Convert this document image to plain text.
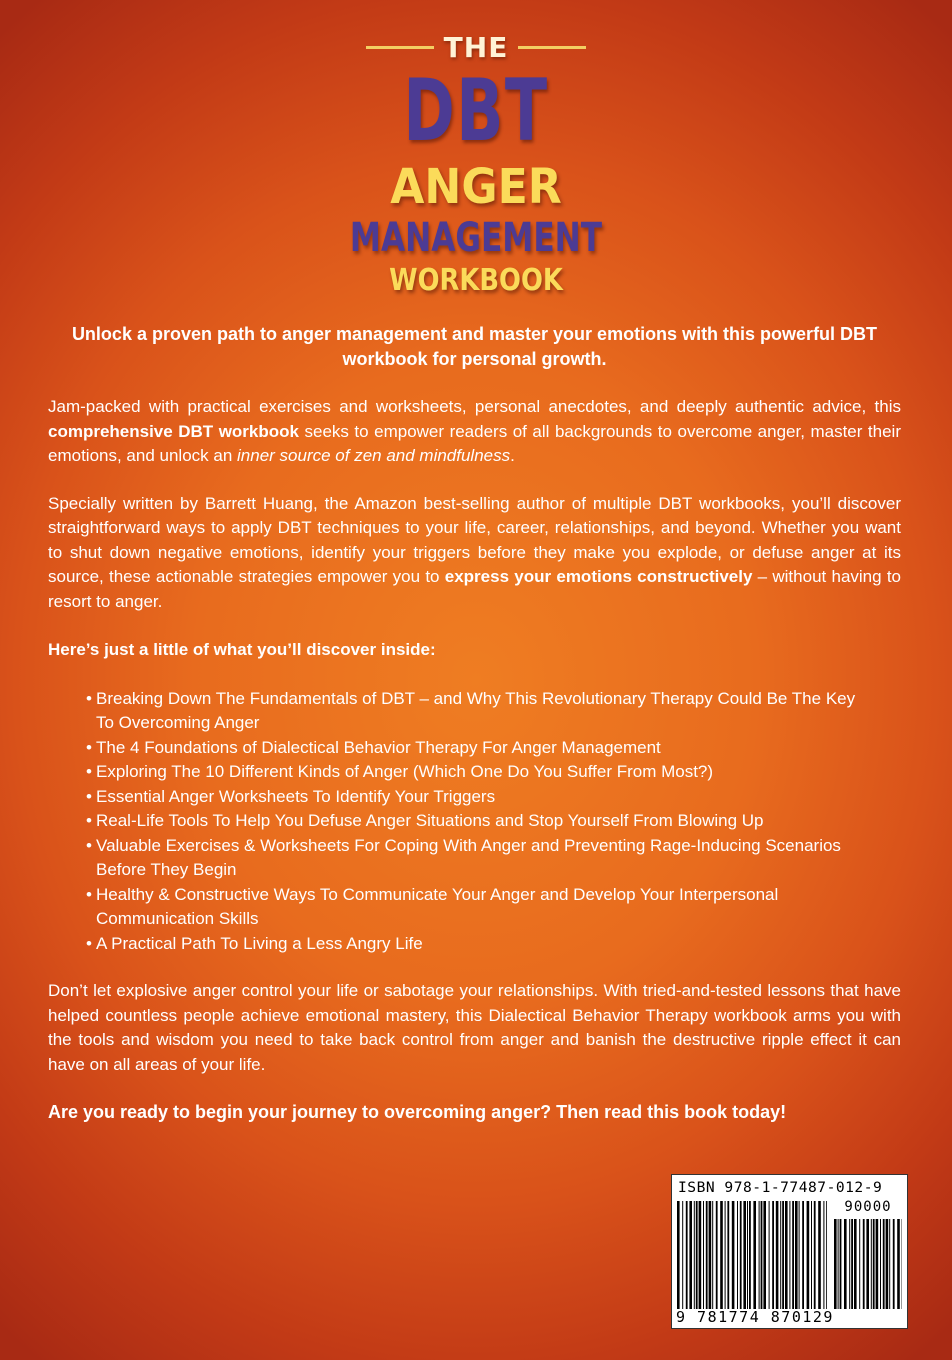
THE
DBT
ANGER
MANAGEMENT
WORKBOOK

Unlock a proven path to anger management and master your emotions with this powerful DBT workbook for personal growth.

Jam-packed with practical exercises and worksheets, personal anecdotes, and deeply authentic advice, this comprehensive DBT workbook seeks to empower readers of all backgrounds to overcome anger, master their emotions, and unlock an inner source of zen and mindfulness.

Specially written by Barrett Huang, the Amazon best-selling author of multiple DBT workbooks, you’ll discover straightforward ways to apply DBT techniques to your life, career, relationships, and beyond. Whether you want to shut down negative emotions, identify your triggers before they make you explode, or defuse anger at its source, these actionable strategies empower you to express your emotions constructively – without having to resort to anger.

Here’s just a little of what you’ll discover inside:

• Breaking Down The Fundamentals of DBT – and Why This Revolutionary Therapy Could Be The Key To Overcoming Anger
• The 4 Foundations of Dialectical Behavior Therapy For Anger Management
• Exploring The 10 Different Kinds of Anger (Which One Do You Suffer From Most?)
• Essential Anger Worksheets To Identify Your Triggers
• Real-Life Tools To Help You Defuse Anger Situations and Stop Yourself From Blowing Up
• Valuable Exercises & Worksheets For Coping With Anger and Preventing Rage-Inducing Scenarios Before They Begin
• Healthy & Constructive Ways To Communicate Your Anger and Develop Your Interpersonal Communication Skills
• A Practical Path To Living a Less Angry Life

Don’t let explosive anger control your life or sabotage your relationships. With tried-and-tested lessons that have helped countless people achieve emotional mastery, this Dialectical Behavior Therapy workbook arms you with the tools and wisdom you need to take back control from anger and banish the destructive ripple effect it can have on all areas of your life.

Are you ready to begin your journey to overcoming anger? Then read this book today!

ISBN 978-1-77487-012-9
90000
9 781774 870129
